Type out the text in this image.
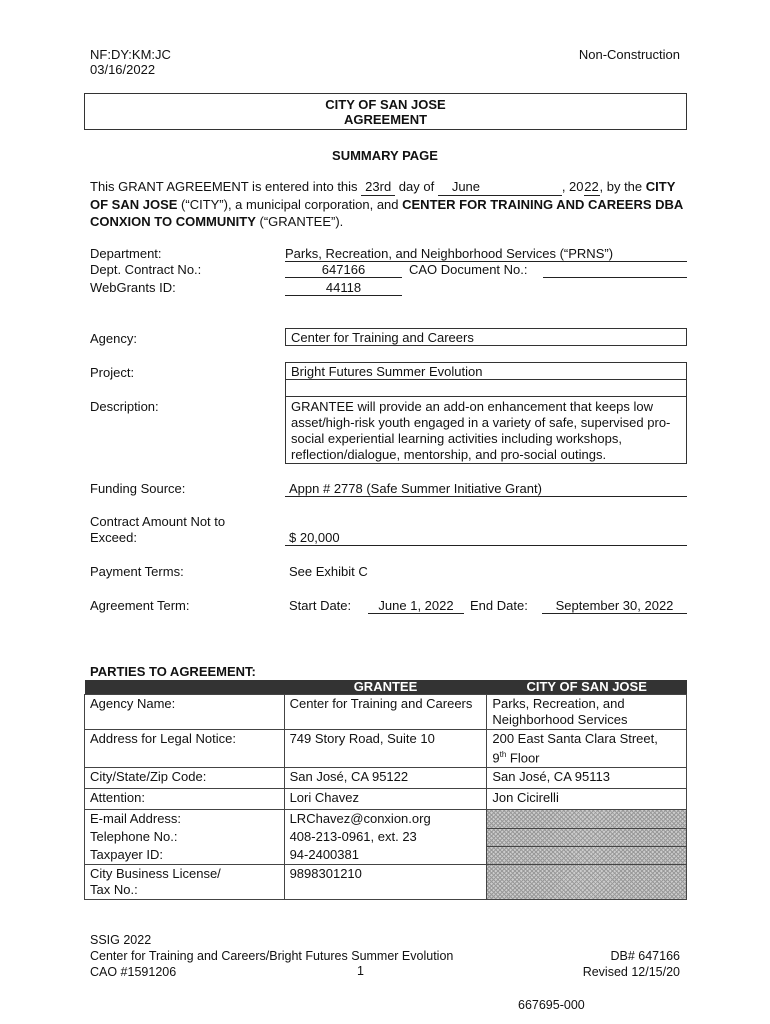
NF:DY:KM:JC
03/16/2022
Non-Construction
CITY OF SAN JOSE
AGREEMENT
SUMMARY PAGE
This GRANT AGREEMENT is entered into this 23rd day of June	, 2022, by the CITY OF SAN JOSE (“CITY”), a municipal corporation, and CENTER FOR TRAINING AND CAREERS DBA CONXION TO COMMUNITY (“GRANTEE”).
Department:	Parks, Recreation, and Neighborhood Services (“PRNS”)
Dept. Contract No.:	647166	CAO Document No.:
WebGrants ID:	44118
Agency:	Center for Training and Careers
Project:	Bright Futures Summer Evolution
Description:	GRANTEE will provide an add-on enhancement that keeps low asset/high-risk youth engaged in a variety of safe, supervised pro-social experiential learning activities including workshops, reflection/dialogue, mentorship, and pro-social outings.
Funding Source:	Appn # 2778 (Safe Summer Initiative Grant)
Contract Amount Not to
Exceed:	$ 20,000
Payment Terms:	See Exhibit C
Agreement Term:	Start Date:	June 1, 2022	End Date:	September 30, 2022
PARTIES TO AGREEMENT:
	GRANTEE	CITY OF SAN JOSE
Agency Name:	Center for Training and Careers	Parks, Recreation, and Neighborhood Services
Address for Legal Notice:	749 Story Road, Suite 10	200 East Santa Clara Street,
9th Floor
City/State/Zip Code:	San José, CA 95122	San José, CA 95113
Attention:	Lori Chavez	Jon Cicirelli
E-mail Address:	LRChavez@conxion.org	
Telephone No.:	408-213-0961, ext. 23	
Taxpayer ID:	94-2400381	
City Business License/
Tax No.:	9898301210	
SSIG 2022
Center for Training and Careers/Bright Futures Summer Evolution
CAO #1591206	1
DB# 647166
Revised 12/15/20
667695-000
